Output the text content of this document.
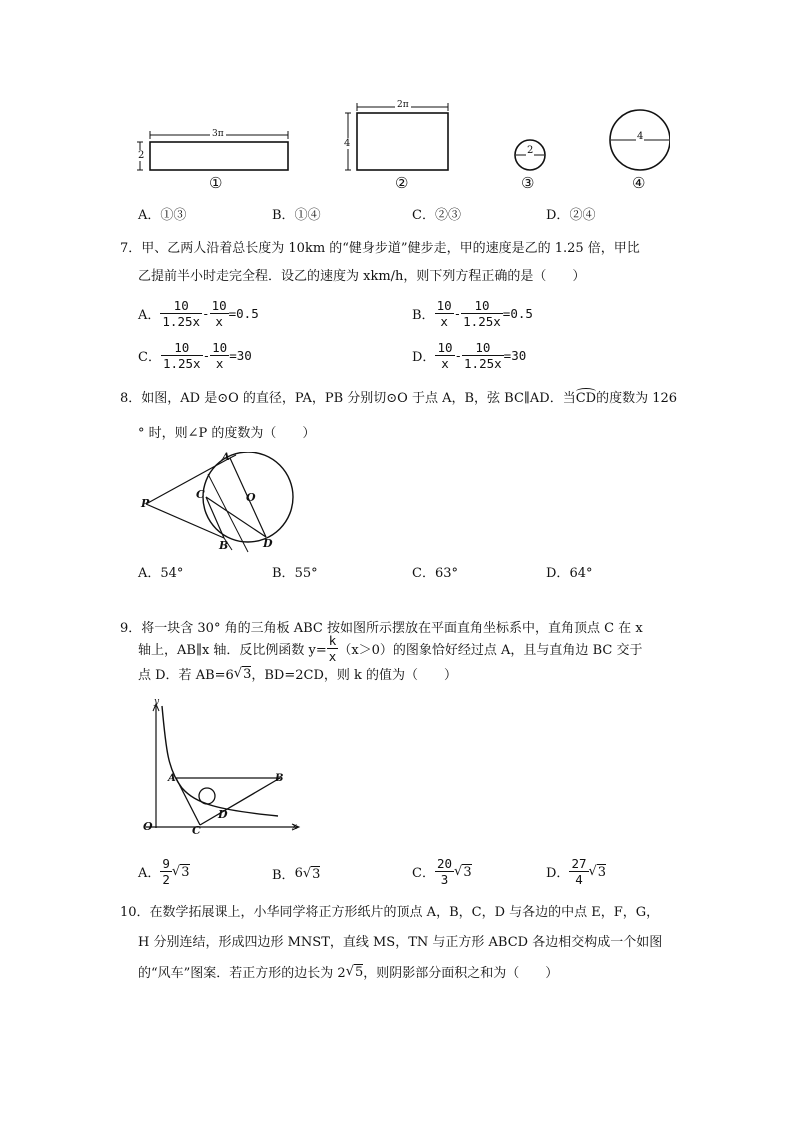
3π
2
2π
4
2
4
①	②	③	④
A．①③	B．①④	C．②③	D．②④
7．甲、乙两人沿着总长度为 10km 的“健身步道”健步走，甲的速度是乙的 1.25 倍，甲比
乙提前半小时走完全程．设乙的速度为 xkm/h，则下列方程正确的是（　　）
A． $\frac{10}{1.25x} - \frac{10}{x} =0.5$	B． $\frac{10}{x} - \frac{10}{1.25x} =0.5$
C． $\frac{10}{1.25x} - \frac{10}{x} =30$	D． $\frac{10}{x} - \frac{10}{1.25x} =30$
8．如图，AD 是⊙O 的直径，PA，PB 分别切⊙O 于点 A，B，弦 BC∥AD．当
CD的度数为 126
° 时，则∠P 的度数为（　　）
P
A
C	O
B	D
A．54°	B．55°	C．63°	D．64°
9．将一块含 30° 角的三角板 ABC 按如图所示摆放在平面直角坐标系中，直角顶点 C 在 x
轴上，AB∥x 轴．反比例函数 $y= \frac{k}{x} (x>0)$的图象恰好经过点 A，且与直角边 BC 交于
点 D．若 AB=6 √ 3 ，BD=2CD，则 k 的值为（　　）
y
x
O
A	B
C
D
A． $\frac{9}{2}$ √ 3	B． 6 √ 3	C． $\frac{20}{3}$ √ 3	D． $\frac{27}{4}$ √ 3
10．在数学拓展课上，小华同学将正方形纸片的顶点 A，B，C，D 与各边的中点 E，F，G，
H 分别连结，形成四边形 MNST，直线 MS，TN 与正方形 ABCD 各边相交构成一个如图
的“风车”图案．若正方形的边长为 2 √ 5 ，则阴影部分面积之和为（　　）
